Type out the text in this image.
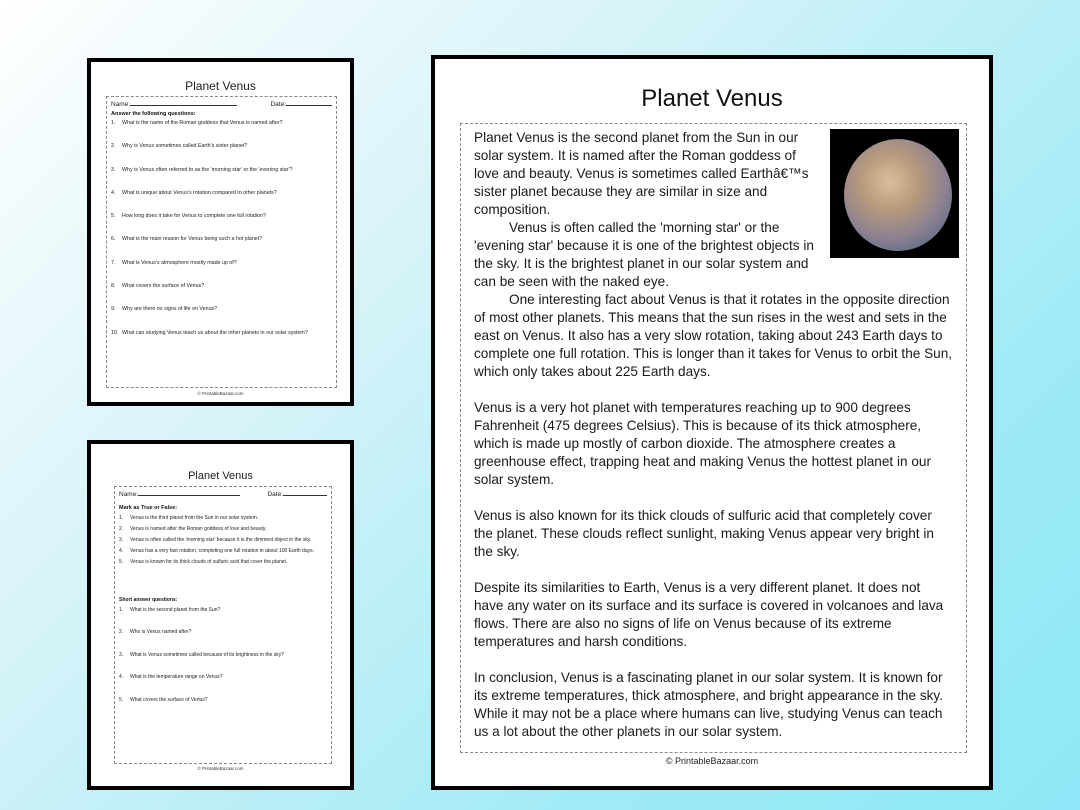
Planet Venus
Name:	Date:
Answer the following questions:
1. What is the name of the Roman goddess that Venus is named after?
2. Why is Venus sometimes called Earth's sister planet?
3. Why is Venus often referred to as the 'morning star' or the 'evening star'?
4. What is unique about Venus's rotation compared to other planets?
5. How long does it take for Venus to complete one full rotation?
6. What is the main reason for Venus being such a hot planet?
7. What is Venus's atmosphere mostly made up of?
8. What covers the surface of Venus?
9. Why are there no signs of life on Venus?
10. What can studying Venus teach us about the other planets in our solar system?
© PrintableBazaar.com
Planet Venus
Name:	Date:
Mark as True or False:
1.	Venus is the third planet from the Sun in our solar system.
2.	Venus is named after the Roman goddess of love and beauty.
3.	Venus is often called the 'morning star' because it is the dimmest object in the sky.
4.	Venus has a very fast rotation, completing one full rotation in about 100 Earth days.
5.	Venus is known for its thick clouds of sulfuric acid that cover the planet.
Short answer questions:
1.	What is the second planet from the Sun?
2.	Who is Venus named after?
3.	What is Venus sometimes called because of its brightness in the sky?
4.	What is the temperature range on Venus?
5.	What covers the surface of Venus?
© PrintableBazaar.com
Planet Venus

Planet Venus is the second planet from the Sun in our solar system. It is named after the Roman goddess of love and beauty. Venus is sometimes called Earthâ€™s sister planet because they are similar in size and composition.
Venus is often called the 'morning star' or the 'evening star' because it is one of the brightest objects in the sky. It is the brightest planet in our solar system and can be seen with the naked eye.
One interesting fact about Venus is that it rotates in the opposite direction of most other planets. This means that the sun rises in the west and sets in the east on Venus. It also has a very slow rotation, taking about 243 Earth days to complete one full rotation. This is longer than it takes for Venus to orbit the Sun, which only takes about 225 Earth days.

Venus is a very hot planet with temperatures reaching up to 900 degrees Fahrenheit (475 degrees Celsius). This is because of its thick atmosphere, which is made up mostly of carbon dioxide. The atmosphere creates a greenhouse effect, trapping heat and making Venus the hottest planet in our solar system.

Venus is also known for its thick clouds of sulfuric acid that completely cover the planet. These clouds reflect sunlight, making Venus appear very bright in the sky.

Despite its similarities to Earth, Venus is a very different planet. It does not have any water on its surface and its surface is covered in volcanoes and lava flows. There are also no signs of life on Venus because of its extreme temperatures and harsh conditions.

In conclusion, Venus is a fascinating planet in our solar system. It is known for its extreme temperatures, thick atmosphere, and bright appearance in the sky. While it may not be a place where humans can live, studying Venus can teach us a lot about the other planets in our solar system.

© PrintableBazaar.com
